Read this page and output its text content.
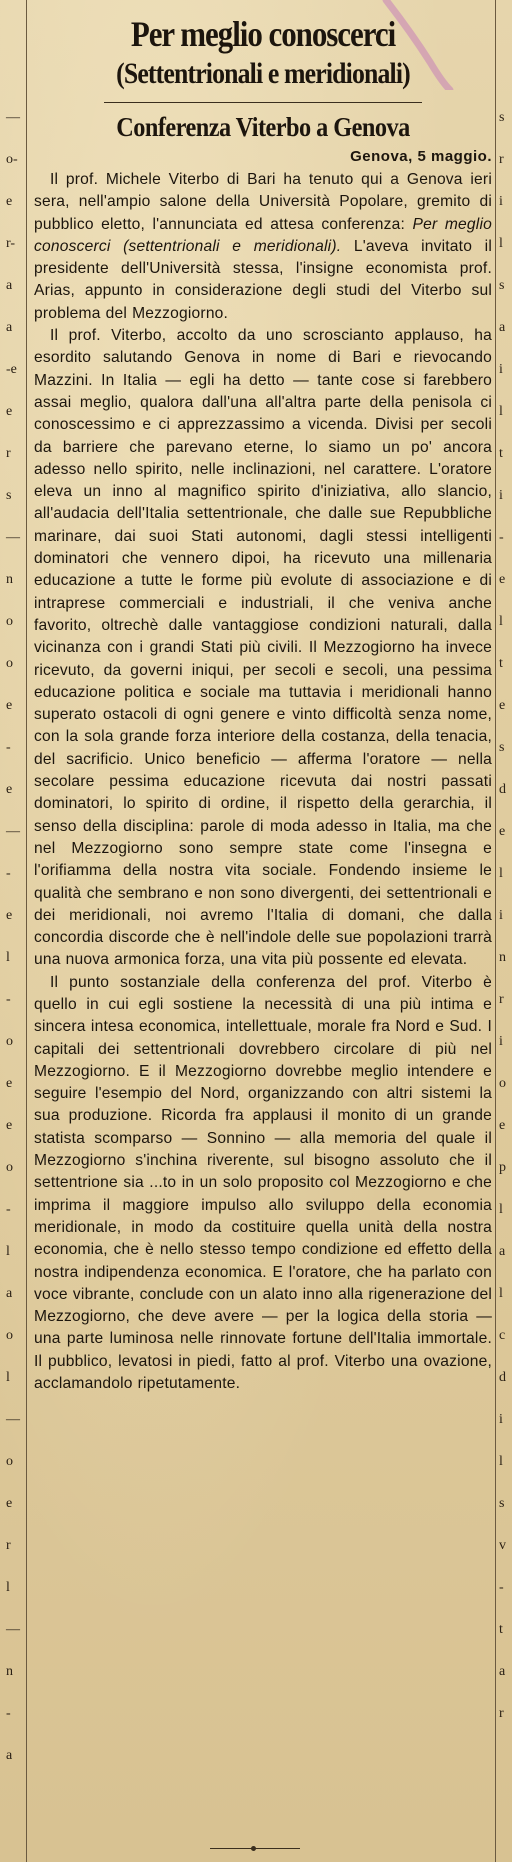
—
o-
e
r-
a
a
-e
e
r
s
—
n
o
o
e
-
e
—
-
e
l
-
o
e
e
o
-
l
a
o
l
—
o
e
r
l
—
n
-
a
s
r
i
l
s
a
i
l
t
i
-
e
l
t
e
s
d
e
l
i
n
r
i
o
e
p
l
a
l
c
d
i
l
s
v
-
t
a
r
Per meglio conoscerci
(Settentrionali e meridionali)
Conferenza Viterbo a Genova
Genova, 5 maggio.

Il prof. Michele Viterbo di Bari ha tenuto qui a Genova ieri sera, nell'ampio salone della Università Popolare, gremito di pubblico eletto, l'annunciata ed attesa conferenza: Per meglio conoscerci (settentrionali e meridionali). L'aveva invitato il presidente dell'Università stessa, l'insigne economista prof. Arias, appunto in considerazione degli studi del Viterbo sul problema del Mezzogiorno.

Il prof. Viterbo, accolto da uno scroscianto applauso, ha esordito salutando Genova in nome di Bari e rievocando Mazzini. In Italia — egli ha detto — tante cose si farebbero assai meglio, qualora dall'una all'altra parte della penisola ci conoscessimo e ci apprezzassimo a vicenda. Divisi per secoli da barriere che parevano eterne, lo siamo un po' ancora adesso nello spirito, nelle inclinazioni, nel carattere. L'oratore eleva un inno al magnifico spirito d'iniziativa, allo slancio, all'audacia dell'Italia settentrionale, che dalle sue Repubbliche marinare, dai suoi Stati autonomi, dagli stessi intelligenti dominatori che vennero dipoi, ha ricevuto una millenaria educazione a tutte le forme più evolute di associazione e di intraprese commerciali e industriali, il che veniva anche favorito, oltrechè dalle vantaggiose condizioni naturali, dalla vicinanza con i grandi Stati più civili. Il Mezzogiorno ha invece ricevuto, da governi iniqui, per secoli e secoli, una pessima educazione politica e sociale ma tuttavia i meridionali hanno superato ostacoli di ogni genere e vinto difficoltà senza nome, con la sola grande forza interiore della costanza, della tenacia, del sacrificio. Unico beneficio — afferma l'oratore — nella secolare pessima educazione ricevuta dai nostri passati dominatori, lo spirito di ordine, il rispetto della gerarchia, il senso della disciplina: parole di moda adesso in Italia, ma che nel Mezzogiorno sono sempre state come l'insegna e l'orifiamma della nostra vita sociale. Fondendo insieme le qualità che sembrano e non sono divergenti, dei settentrionali e dei meridionali, noi avremo l'Italia di domani, che dalla concordia discorde che è nell'indole delle sue popolazioni trarrà una nuova armonica forza, una vita più possente ed elevata.

Il punto sostanziale della conferenza del prof. Viterbo è quello in cui egli sostiene la necessità di una più intima e sincera intesa economica, intellettuale, morale fra Nord e Sud. I capitali dei settentrionali dovrebbero circolare di più nel Mezzogiorno. E il Mezzogiorno dovrebbe meglio intendere e seguire l'esempio del Nord, organizzando con altri sistemi la sua produzione. Ricorda fra applausi il monito di un grande statista scomparso — Sonnino — alla memoria del quale il Mezzogiorno s'inchina riverente, sul bisogno assoluto che il settentrione sia ...to in un solo proposito col Mezzogiorno e che imprima il maggiore impulso allo sviluppo della economia meridionale, in modo da costituire quella unità della nostra economia, che è nello stesso tempo condizione ed effetto della nostra indipendenza economica. E l'oratore, che ha parlato con voce vibrante, conclude con un alato inno alla rigenerazione del Mezzogiorno, che deve avere — per la logica della storia — una parte luminosa nelle rinnovate fortune dell'Italia immortale. Il pubblico, levatosi in piedi, fatto al prof. Viterbo una ovazione, acclamandolo ripetutamente.
